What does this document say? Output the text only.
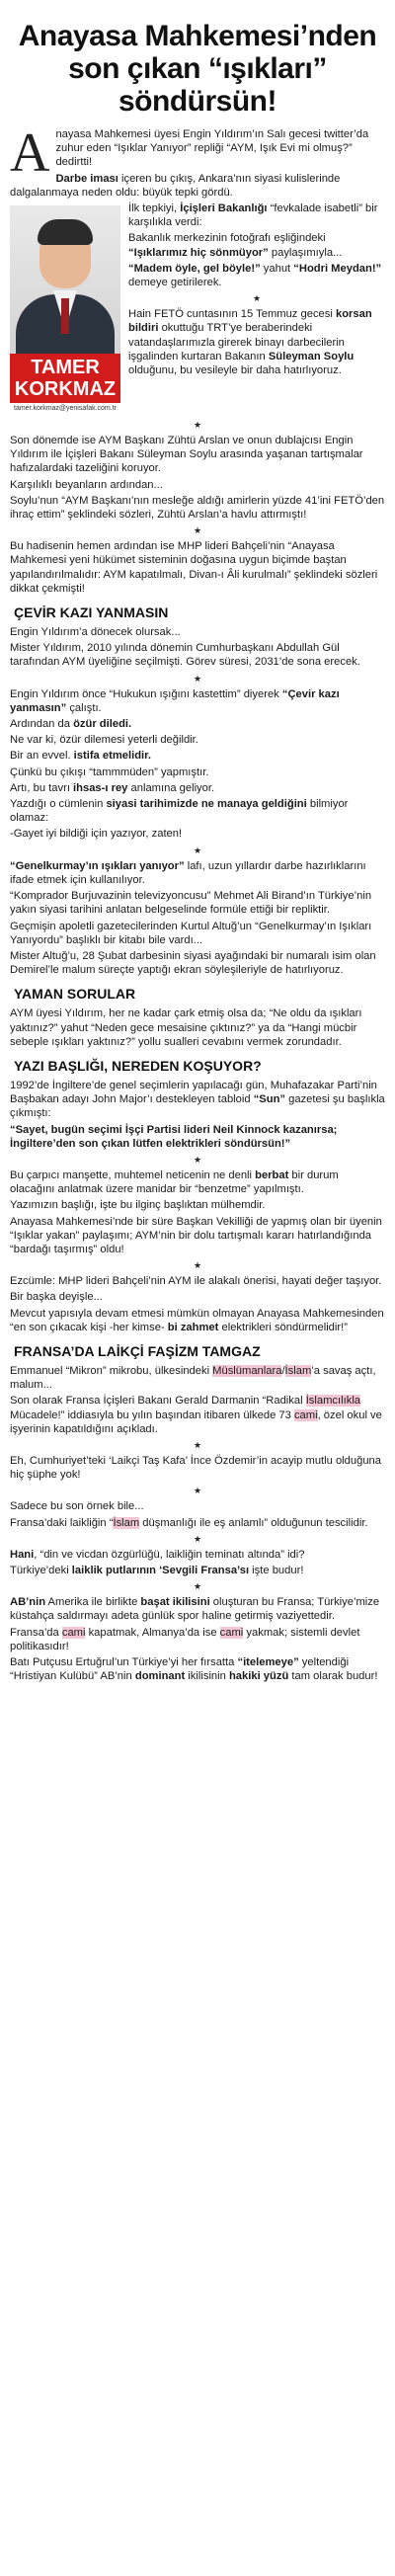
Anayasa Mahkemesi’nden son çıkan “ışıkları” söndürsün!
A nayasa Mahkemesi üyesi Engin Yıldırım’ın Salı gecesi twitter’da zuhur eden “Işıklar Yanıyor” repliği “AYM, Işık Evi mi olmuş?” dedirtti!

Darbe iması içeren bu çıkış, Ankara’nın siyasi kulislerinde dalgalanmaya neden oldu: büyük tepki gördü.

TAMER
KORKMAZ
tamer.korkmaz@yenisafak.com.tr

İlk tepkiyi, İçişleri Bakanlığı “fevkalade isabetli” bir karşılıkla verdi:

Bakanlık merkezinin fotoğrafı eşliğindeki “Işıklarımız hiç sönmüyor” paylaşımıyla...

“Madem öyle, gel böyle!” yahut “Hodri Meydan!” demeye getirilerek.

★

Hain FETÖ cuntasının 15 Temmuz gecesi korsan bildiri okuttuğu TRT’ye beraberindeki vatandaşlarımızla girerek binayı darbecilerin işgalinden kurtaran Bakanın Süleyman Soylu olduğunu, bu vesileyle bir daha hatırlıyoruz.

★

Son dönemde ise AYM Başkanı Zühtü Arslan ve onun dublajcısı Engin Yıldırım ile İçişleri Bakanı Süleyman Soylu arasında yaşanan tartışmalar hafızalardaki tazeliğini koruyor.

Karşılıklı beyanların ardından...

Soylu’nun “AYM Başkanı’nın mesleğe aldığı amirlerin yüzde 41’ini FETÖ’den ihraç ettim” şeklindeki sözleri, Zühtü Arslan’a havlu attırmıştı!

★

Bu hadisenin hemen ardından ise MHP lideri Bahçeli’nin “Anayasa Mahkemesi yeni hükümet sisteminin doğasına uygun biçimde baştan yapılandırılmalıdır: AYM kapatılmalı, Divan-ı Âli kurulmalı” şeklindeki sözleri dikkat çekmişti!

ÇEVİR KAZI YANMASIN

Engin Yıldırım’a dönecek olursak...

Mister Yıldırım, 2010 yılında dönemin Cumhurbaşkanı Abdullah Gül tarafından AYM üyeliğine seçilmişti. Görev süresi, 2031’de sona erecek.

★

Engin Yıldırım önce “Hukukun ışığını kastettim” diyerek “Çevir kazı yanmasın” çalıştı.

Ardından da özür diledi.

Ne var ki, özür dilemesi yeterli değildir.

Bir an evvel. istifa etmelidir.

Çünkü bu çıkışı “tammmüden” yapmıştır.

Artı, bu tavrı ihsas-ı rey anlamına geliyor.

Yazdığı o cümlenin siyasi tarihimizde ne manaya geldiğini bilmiyor olamaz:

-Gayet iyi bildiği için yazıyor, zaten!

★

“Genelkurmay’ın ışıkları yanıyor” lafı, uzun yıllardır darbe hazırlıklarını ifade etmek için kullanılıyor.

“Komprador Burjuvazinin televizyoncusu” Mehmet Ali Birand’ın Türkiye’nin yakın siyasi tarihini anlatan belgeselinde formüle ettiği bir repliktir.

Geçmişin apoletli gazetecilerinden Kurtul Altuğ’un “Genelkurmay’ın Işıkları Yanıyordu” başlıklı bir kitabı bile vardı...

Mister Altuğ’u, 28 Şubat darbesinin siyasi ayağındaki bir numaralı isim olan Demirel’le malum süreçte yaptığı ekran söyleşileriyle de hatırlıyoruz.

YAMAN SORULAR

AYM üyesi Yıldırım, her ne kadar çark etmiş olsa da; “Ne oldu da ışıkları yaktınız?” yahut “Neden gece mesaisine çıktınız?” ya da “Hangi mücbir sebeple ışıkları yaktınız?” yollu sualleri cevabını vermek zorundadır.

YAZI BAŞLIĞI, NEREDEN KOŞUYOR?

1992’de İngiltere’de genel seçimlerin yapılacağı gün, Muhafazakar Parti’nin Başbakan adayı John Major’ı destekleyen tabloid “Sun” gazetesi şu başlıkla çıkmıştı:

“Sayet, bugün seçimi İşçi Partisi lideri Neil Kinnock kazanırsa; İngiltere’den son çıkan lütfen elektrikleri söndürsün!”

★

Bu çarpıcı manşette, muhtemel neticenin ne denli berbat bir durum olacağını anlatmak üzere manidar bir “benzetme” yapılmıştı.

Yazımızın başlığı, işte bu ilginç başlıktan mülhemdir.

Anayasa Mahkemesi’nde bir süre Başkan Vekilliği de yapmış olan bir üyenin “Işıklar yakan” paylaşımı; AYM’nin bir dolu tartışmalı kararı hatırlandığında “bardağı taşırmış” oldu!

★

Ezcümle: MHP lideri Bahçeli’nin AYM ile alakalı önerisi, hayati değer taşıyor.

Bir başka deyişle...

Mevcut yapısıyla devam etmesi mümkün olmayan Anayasa Mahkemesinden “en son çıkacak kişi -her kimse- bi zahmet elektrikleri söndürmelidir!”

FRANSA’DA LAİKÇİ FAŞİZM TAMGAZ

Emmanuel “Mikron” mikrobu, ülkesindeki Müslümanlara/İslam’a savaş açtı, malum...

Son olarak Fransa İçişleri Bakanı Gerald Darmanin “Radikal İslamcılıkla Mücadele!” iddiasıyla bu yılın başından itibaren ülkede 73 cami, özel okul ve işyerinin kapatıldığını açıkladı.

★

Eh, Cumhuriyet’teki ‘Laikçi Taş Kafa’ İnce Özdemir’in acayip mutlu olduğuna hiç şüphe yok!

★

Sadece bu son örnek bile...

Fransa’daki laikliğin “İslam düşmanlığı ile eş anlamlı” olduğunun tescilidir.

★

Hani, “din ve vicdan özgürlüğü, laikliğin teminatı altında” idi?

Türkiye’deki laiklik putlarının ‘Sevgili Fransa’sı işte budur!

★

AB’nin Amerika ile birlikte başat ikilisini oluşturan bu Fransa; Türkiye’mize küstahça saldırmayı adeta günlük spor haline getirmiş vaziyettedir.

Fransa’da cami kapatmak, Almanya’da ise cami yakmak; sistemli devlet politikasıdır!

Batı Putçusu Ertuğrul’un Türkiye’yi her fırsatta “itelemeye” yeltendiği “Hristiyan Kulübü” AB’nin dominant ikilisinin hakiki yüzü tam olarak budur!
